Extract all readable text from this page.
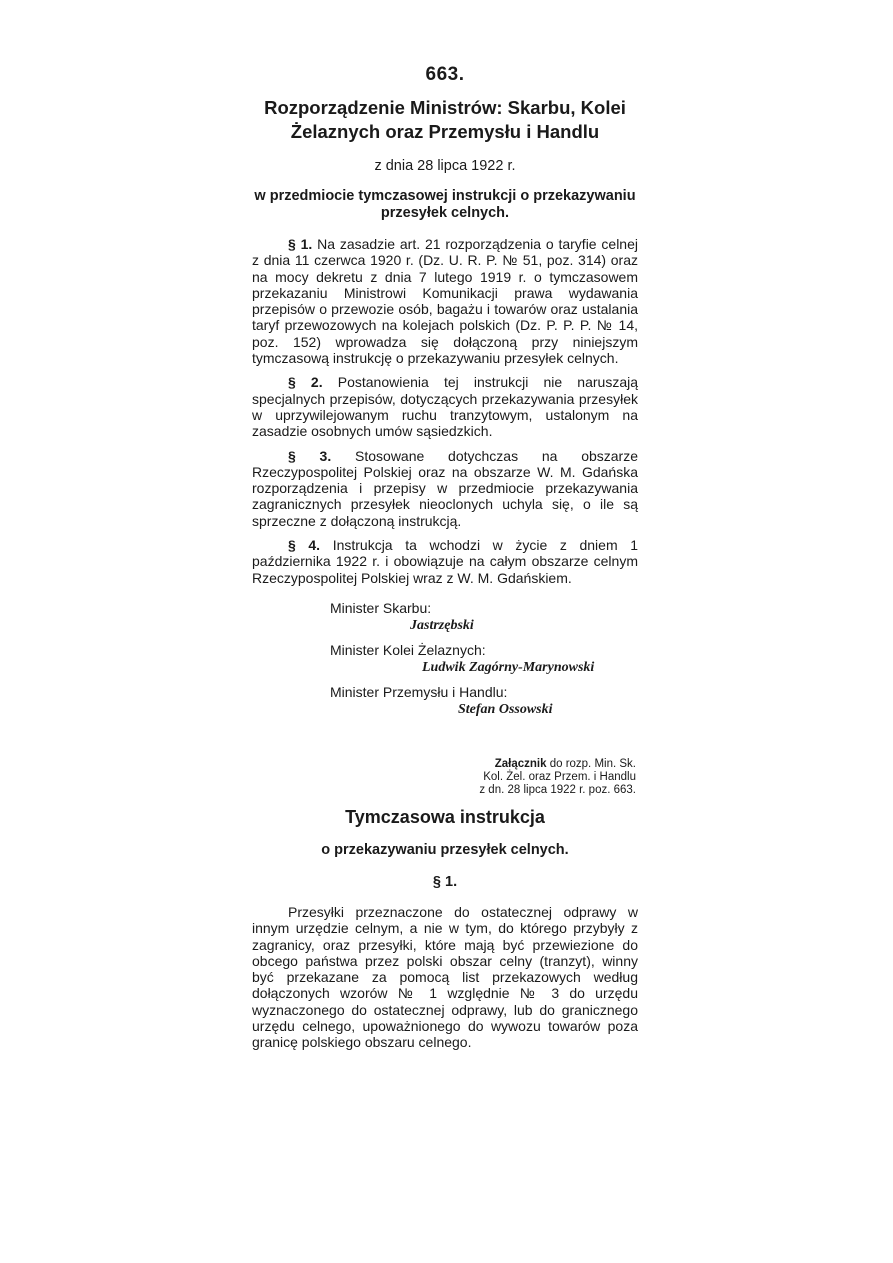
663.
Rozporządzenie Ministrów: Skarbu, Kolei
Żelaznych oraz Przemysłu i Handlu
z dnia 28 lipca 1922 r.
w przedmiocie tymczasowej instrukcji o przekazywaniu przesyłek celnych.

§ 1. Na zasadzie art. 21 rozporządzenia o taryfie celnej z dnia 11 czerwca 1920 r. (Dz. U. R. P. № 51, poz. 314) oraz na mocy dekretu z dnia 7 lutego 1919 r. o tymczasowem przekazaniu Ministrowi Komunikacji prawa wydawania przepisów o przewozie osób, bagażu i towarów oraz ustalania taryf przewozowych na kolejach polskich (Dz. P. P. P. № 14, poz. 152) wprowadza się dołączoną przy niniejszym tymczasową instrukcję o przekazywaniu przesyłek celnych.

§ 2. Postanowienia tej instrukcji nie naruszają specjalnych przepisów, dotyczących przekazywania przesyłek w uprzywilejowanym ruchu tranzytowym, ustalonym na zasadzie osobnych umów sąsiedzkich.

§ 3. Stosowane dotychczas na obszarze Rzeczypospolitej Polskiej oraz na obszarze W. M. Gdańska rozporządzenia i przepisy w przedmiocie przekazywania zagranicznych przesyłek nieoclonych uchyla się, o ile są sprzeczne z dołączoną instrukcją.

§ 4. Instrukcja ta wchodzi w życie z dniem 1 października 1922 r. i obowiązuje na całym obszarze celnym Rzeczypospolitej Polskiej wraz z W. M. Gdańskiem.

Minister Skarbu:
Jastrzębski
Minister Kolei Żelaznych:
Ludwik Zagórny-Marynowski
Minister Przemysłu i Handlu:
Stefan Ossowski
Załącznik do rozp. Min. Sk.
Kol. Żel. oraz Przem. i Handlu
z dn. 28 lipca 1922 r. poz. 663.
Tymczasowa instrukcja
o przekazywaniu przesyłek celnych.
§ 1.

Przesyłki przeznaczone do ostatecznej odprawy w innym urzędzie celnym, a nie w tym, do którego przybyły z zagranicy, oraz przesyłki, które mają być przewiezione do obcego państwa przez polski obszar celny (tranzyt), winny być przekazane za pomocą list przekazowych według dołączonych wzorów № 1 względnie № 3 do urzędu wyznaczonego do ostatecznej odprawy, lub do granicznego urzędu celnego, upoważnionego do wywozu towarów poza granicę polskiego obszaru celnego.
